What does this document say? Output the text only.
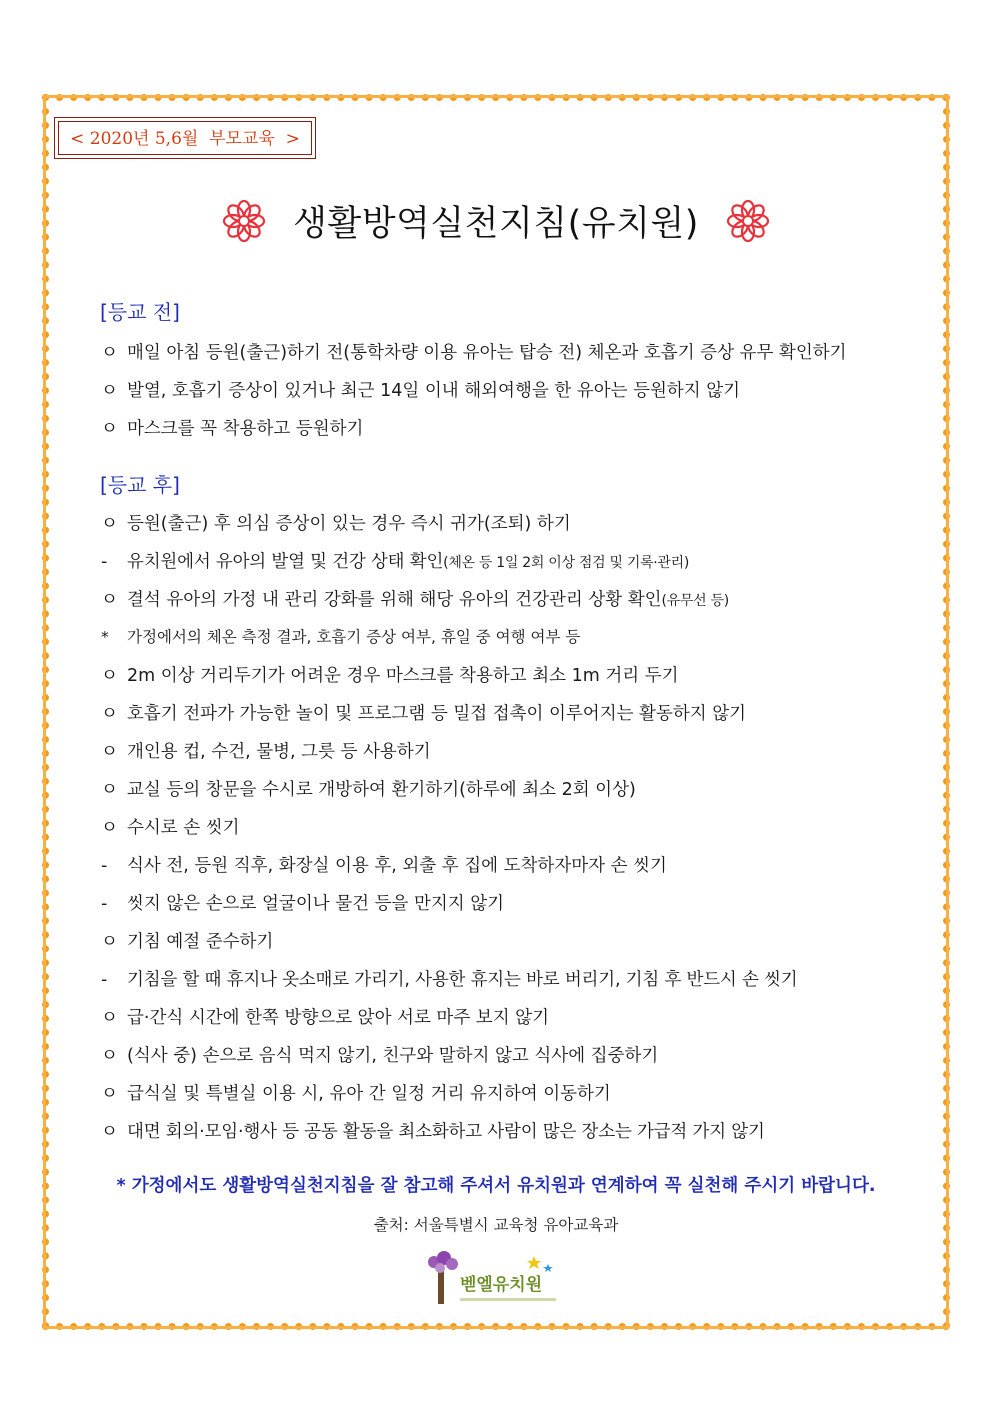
< 2020년 5,6월  부모교육  >
생활방역실천지침(유치원)
[등교 전]
ㅇ 매일 아침 등원(출근)하기 전(통학차량 이용 유아는 탑승 전) 체온과 호흡기 증상 유무 확인하기
ㅇ 발열, 호흡기 증상이 있거나 최근 14일 이내 해외여행을 한 유아는 등원하지 않기
ㅇ 마스크를 꼭 착용하고 등원하기
[등교 후]
ㅇ 등원(출근) 후 의심 증상이 있는 경우 즉시 귀가(조퇴) 하기
- 유치원에서 유아의 발열 및 건강 상태 확인(체온 등 1일 2회 이상 점검 및 기록·관리)
ㅇ 결석 유아의 가정 내 관리 강화를 위해 해당 유아의 건강관리 상황 확인(유무선 등)
* 가정에서의 체온 측정 결과, 호흡기 증상 여부, 휴일 중 여행 여부 등
ㅇ 2m 이상 거리두기가 어려운 경우 마스크를 착용하고 최소 1m 거리 두기
ㅇ 호흡기 전파가 가능한 놀이 및 프로그램 등 밀접 접촉이 이루어지는 활동하지 않기
ㅇ 개인용 컵, 수건, 물병, 그릇 등 사용하기
ㅇ 교실 등의 창문을 수시로 개방하여 환기하기(하루에 최소 2회 이상)
ㅇ 수시로 손 씻기
- 식사 전, 등원 직후, 화장실 이용 후, 외출 후 집에 도착하자마자 손 씻기
- 씻지 않은 손으로 얼굴이나 물건 등을 만지지 않기
ㅇ 기침 예절 준수하기
- 기침을 할 때 휴지나 옷소매로 가리기, 사용한 휴지는 바로 버리기, 기침 후 반드시 손 씻기
ㅇ 급·간식 시간에 한쪽 방향으로 앉아 서로 마주 보지 않기
ㅇ (식사 중) 손으로 음식 먹지 않기, 친구와 말하지 않고 식사에 집중하기
ㅇ 급식실 및 특별실 이용 시, 유아 간 일정 거리 유지하여 이동하기
ㅇ 대면 회의·모임·행사 등 공동 활동을 최소화하고 사람이 많은 장소는 가급적 가지 않기
* 가정에서도 생활방역실천지침을 잘 참고해 주셔서 유치원과 연계하여 꼭 실천해 주시기 바랍니다.
출처: 서울특별시 교육청 유아교육과
벧엘유치원
